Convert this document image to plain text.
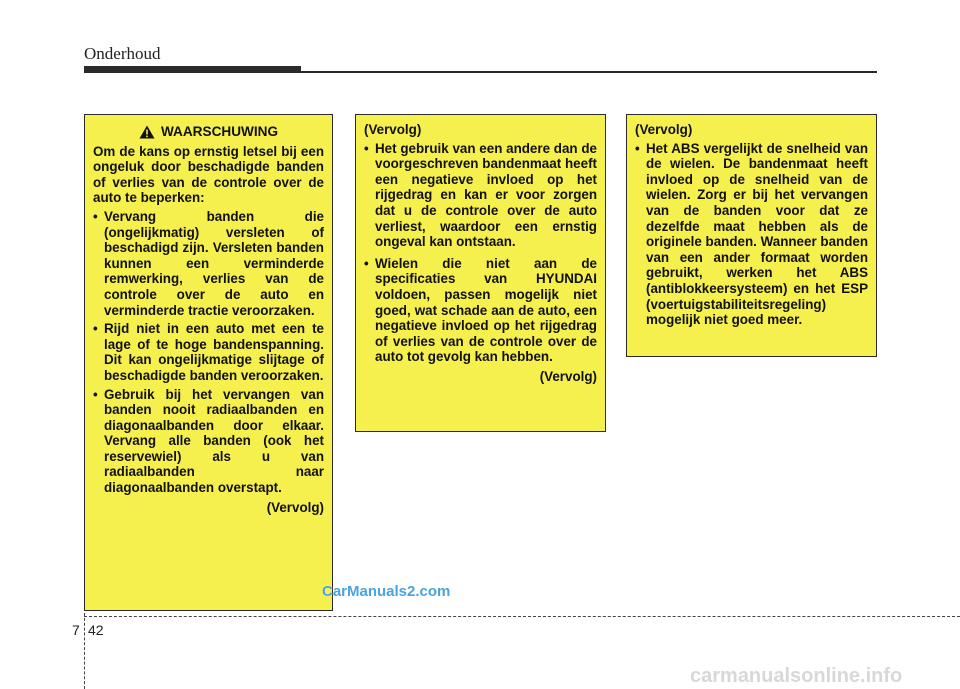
Onderhoud
WAARSCHUWING

Om de kans op ernstig letsel bij een ongeluk door beschadigde banden of verlies van de controle over de auto te beperken:

• Vervang banden die (ongelijkmatig) versleten of beschadigd zijn. Versleten banden kunnen een verminderde remwerking, verlies van de controle over de auto en verminderde tractie veroorzaken.
• Rijd niet in een auto met een te lage of te hoge bandenspanning. Dit kan ongelijkmatige slijtage of beschadigde banden veroorzaken.
• Gebruik bij het vervangen van banden nooit radiaalbanden en diagonaalbanden door elkaar. Vervang alle banden (ook het reservewiel) als u van radiaalbanden naar diagonaalbanden overstapt.

(Vervolg)

(Vervolg)

• Het gebruik van een andere dan de voorgeschreven bandenmaat heeft een negatieve invloed op het rijgedrag en kan er voor zorgen dat u de controle over de auto verliest, waardoor een ernstig ongeval kan ontstaan.
• Wielen die niet aan de specificaties van HYUNDAI voldoen, passen mogelijk niet goed, wat schade aan de auto, een negatieve invloed op het rijgedrag of verlies van de controle over de auto tot gevolg kan hebben.

(Vervolg)

(Vervolg)

• Het ABS vergelijkt de snelheid van de wielen. De bandenmaat heeft invloed op de snelheid van de wielen. Zorg er bij het vervangen van de banden voor dat ze dezelfde maat hebben als de originele banden. Wanneer banden van een ander formaat worden gebruikt, werken het ABS (antiblokkeersysteem) en het ESP (voertuigstabiliteitsregeling) mogelijk niet goed meer.
CarManuals2.com
7 42
carmanualsonline.info
